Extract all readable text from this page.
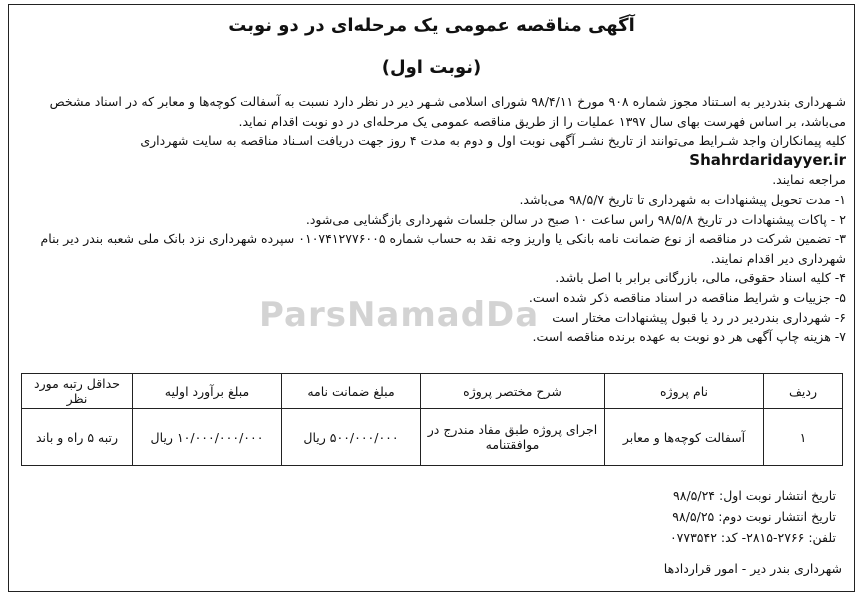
آگهی مناقصه عمومی یک مرحله‌ای در دو نوبت
(نوبت اول)
ParsNamadDa

شـهرداری بندردیر به اسـتناد مجوز شماره ۹۰۸ مورخ ۹۸/۴/۱۱ شورای اسلامی شـهر دیر در نظر دارد نسبت به آسفالت کوچه‌ها و معابر که در اسناد مشخص می‌باشد، بر اساس فهرست بهای سال ۱۳۹۷ عملیات را از طریق مناقصه عمومی یک مرحله‌ای در دو نوبت اقدام نماید.

کلیه پیمانکاران واجد شـرایط می‌توانند از تاریخ نشـر آگهی نوبت اول و دوم به مدت ۴ روز جهت دریافت اسـناد مناقصه به سایت شهرداری Shahrdaridayyer.ir

مراجعه نمایند.

۱- مدت تحویل پیشنهادات به شهرداری تا تاریخ ۹۸/۵/۷ می‌باشد.

۲ - پاکات پیشنهادات در تاریخ ۹۸/۵/۸ راس ساعت ۱۰ صبح در سالن جلسات شهرداری بازگشایی می‌شود.

۳- تضمین شرکت در مناقصه از نوع ضمانت نامه بانکی یا واریز وجه نقد به حساب شماره ۰۱۰۷۴۱۲۷۷۶۰۰۵ سپرده شهرداری نزد بانک ملی شعبه بندر دیر بنام شهرداری دیر اقدام نمایند.

۴- کلیه اسناد حقوقی، مالی، بازرگانی برابر با اصل باشد.

۵- جزییات و شرایط مناقصه در اسناد مناقصه ذکر شده است.

۶- شهرداری بندردیر در رد یا قبول پیشنهادات مختار است

۷- هزینه چاپ آگهی هر دو نوبت به عهده برنده مناقصه است.

ردیف	نام پروژه	شرح مختصر پروژه	مبلغ ضمانت نامه	مبلغ برآورد اولیه	حداقل رتبه مورد نظر
۱	آسفالت کوچه‌ها و معابر	اجرای پروژه طبق مفاد مندرج در موافقتنامه	۵۰۰/۰۰۰/۰۰۰ ریال	۱۰/۰۰۰/۰۰۰/۰۰۰ ریال	رتبه ۵ راه و باند
تاریخ انتشار نوبت اول: ۹۸/۵/۲۴
تاریخ انتشار نوبت دوم: ۹۸/۵/۲۵
تلفن: ۲۷۶۶-۲۸۱۵- کد: ۰۷۷۳۵۴۲
شهرداری بندر دیر - امور قراردادها
